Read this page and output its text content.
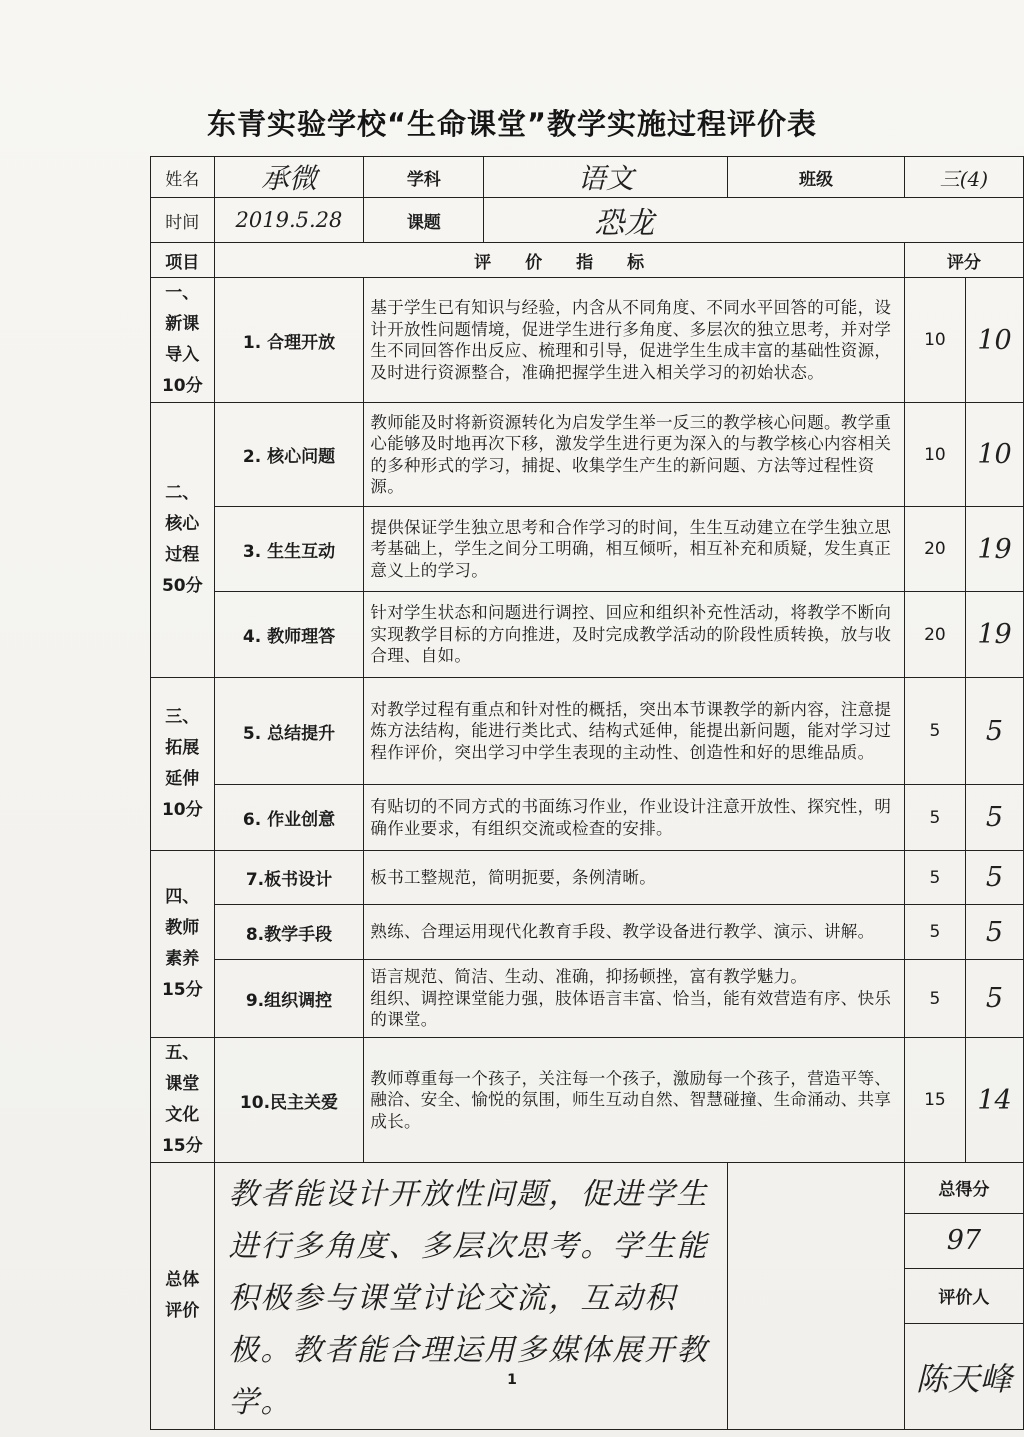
东青实验学校“生命课堂”教学实施过程评价表
姓名	承微	学科	语文	班级	三(4)	
时间	2019.5.28	课题	恐龙			
项目	评价指标				评分	
一、
新课
导入
10分	1. 合理开放	基于学生已有知识与经验，内含从不同角度、不同水平回答的可能，设计开放性问题情境，促进学生进行多角度、多层次的独立思考，并对学生不同回答作出反应、梳理和引导，促进学生生成丰富的基础性资源，及时进行资源整合，准确把握学生进入相关学习的初始状态。			10	10
二、
核心
过程
50分	2. 核心问题	教师能及时将新资源转化为启发学生举一反三的教学核心问题。教学重心能够及时地再次下移，激发学生进行更为深入的与教学核心内容相关的多种形式的学习，捕捉、收集学生产生的新问题、方法等过程性资源。			10	10
	3. 生生互动	提供保证学生独立思考和合作学习的时间，生生互动建立在学生独立思考基础上，学生之间分工明确，相互倾听，相互补充和质疑，发生真正意义上的学习。			20	19
	4. 教师理答	针对学生状态和问题进行调控、回应和组织补充性活动，将教学不断向实现教学目标的方向推进，及时完成教学活动的阶段性质转换，放与收合理、自如。			20	19
三、
拓展
延伸
10分	5. 总结提升	对教学过程有重点和针对性的概括，突出本节课教学的新内容，注意提炼方法结构，能进行类比式、结构式延伸，能提出新问题，能对学习过程作评价，突出学习中学生表现的主动性、创造性和好的思维品质。			5	5
	6. 作业创意	有贴切的不同方式的书面练习作业，作业设计注意开放性、探究性，明确作业要求，有组织交流或检查的安排。			5	5
四、
教师
素养
15分	7.板书设计	板书工整规范，简明扼要，条例清晰。			5	5
	8.教学手段	熟练、合理运用现代化教育手段、教学设备进行教学、演示、讲解。			5	5
	9.组织调控	语言规范、简洁、生动、准确，抑扬顿挫，富有教学魅力。
组织、调控课堂能力强，肢体语言丰富、恰当，能有效营造有序、快乐的课堂。			5	5
五、
课堂
文化
15分	10.民主关爱	教师尊重每一个孩子，关注每一个孩子，激励每一个孩子，营造平等、融洽、安全、愉悦的氛围，师生互动自然、智慧碰撞、生命涌动、共享成长。			15	14
总体
评价	教者能设计开放性问题，促进学生进行多角度、多层次思考。学生能积极参与课堂讨论交流，互动积极。教者能合理运用多媒体展开教学。				总得分	
					97	
					评价人	
					陈天峰	
1
